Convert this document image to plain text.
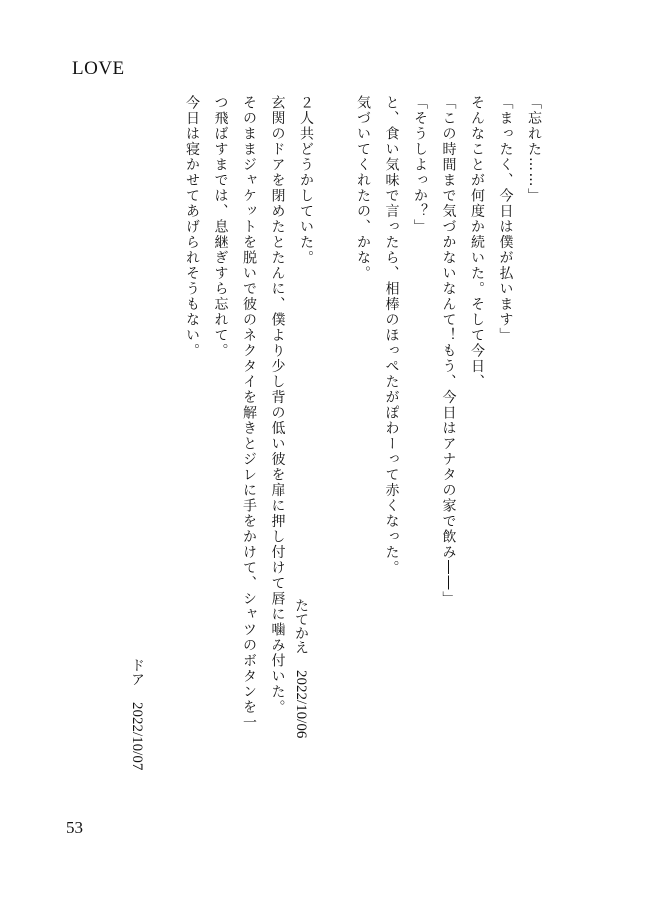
LOVE
「忘れた……」
「まったく、今日は僕が払います」
そんなことが何度か続いた。そして今日、
「この時間まで気づかないなんて！もう、今日はアナタの家で飲み――」
「そうしよっか？」
と、食い気味で言ったら、相棒のほっぺたがぽわーって赤くなった。
気づいてくれたの、かな。

２人共どうかしていた。
玄関のドアを閉めたとたんに、僕より少し背の低い彼を扉に押し付けて唇に噛み付いた。
そのままジャケットを脱いで彼のネクタイを解きとジレに手をかけて、シャツのボタンを一
つ飛ばすまでは、息継ぎすら忘れて。
今日は寝かせてあげられそうもない。
たてかえ2022/10/06
ドア2022/10/07
53
